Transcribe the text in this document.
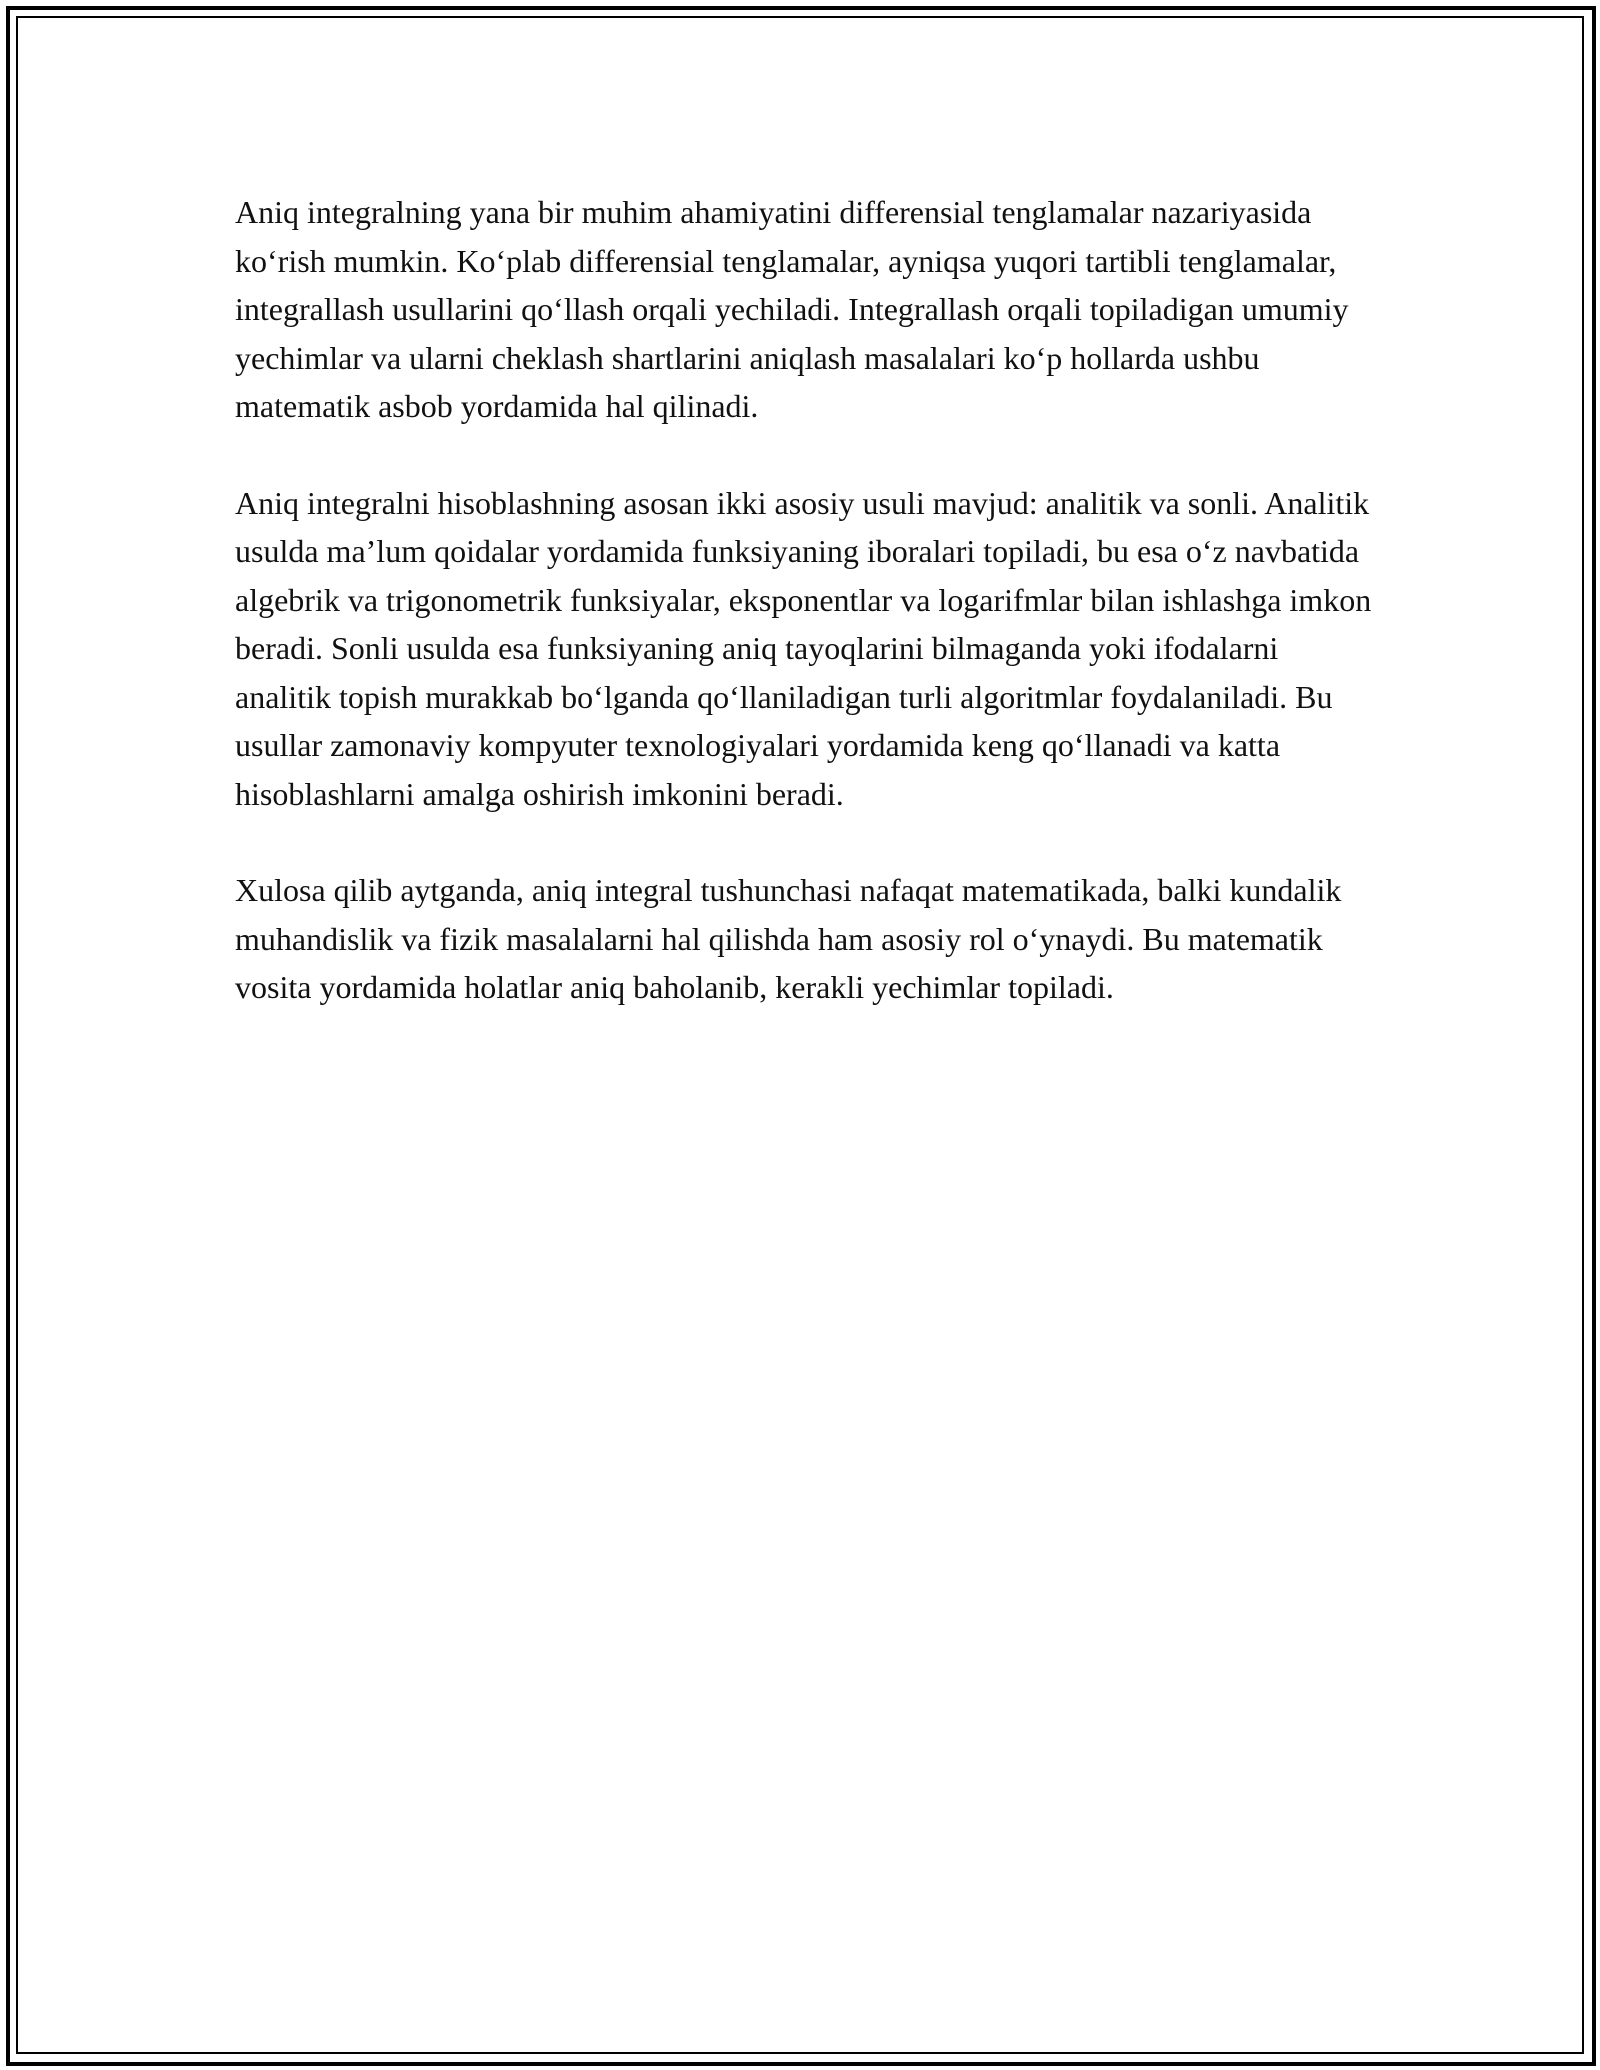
Aniq integralning yana bir muhim ahamiyatini differensial tenglamalar nazariyasida ko‘rish mumkin. Ko‘plab differensial tenglamalar, ayniqsa yuqori tartibli tenglamalar, integrallash usullarini qo‘llash orqali yechiladi. Integrallash orqali topiladigan umumiy yechimlar va ularni cheklash shartlarini aniqlash masalalari ko‘p hollarda ushbu matematik asbob yordamida hal qilinadi.

Aniq integralni hisoblashning asosan ikki asosiy usuli mavjud: analitik va sonli. Analitik usulda ma’lum qoidalar yordamida funksiyaning iboralari topiladi, bu esa o‘z navbatida algebrik va trigonometrik funksiyalar, eksponentlar va logarifmlar bilan ishlashga imkon beradi. Sonli usulda esa funksiyaning aniq tayoqlarini bilmaganda yoki ifodalarni analitik topish murakkab bo‘lganda qo‘llaniladigan turli algoritmlar foydalaniladi. Bu usullar zamonaviy kompyuter texnologiyalari yordamida keng qo‘llanadi va katta hisoblashlarni amalga oshirish imkonini beradi.

Xulosa qilib aytganda, aniq integral tushunchasi nafaqat matematikada, balki kundalik muhandislik va fizik masalalarni hal qilishda ham asosiy rol o‘ynaydi. Bu matematik vosita yordamida holatlar aniq baholanib, kerakli yechimlar topiladi.
